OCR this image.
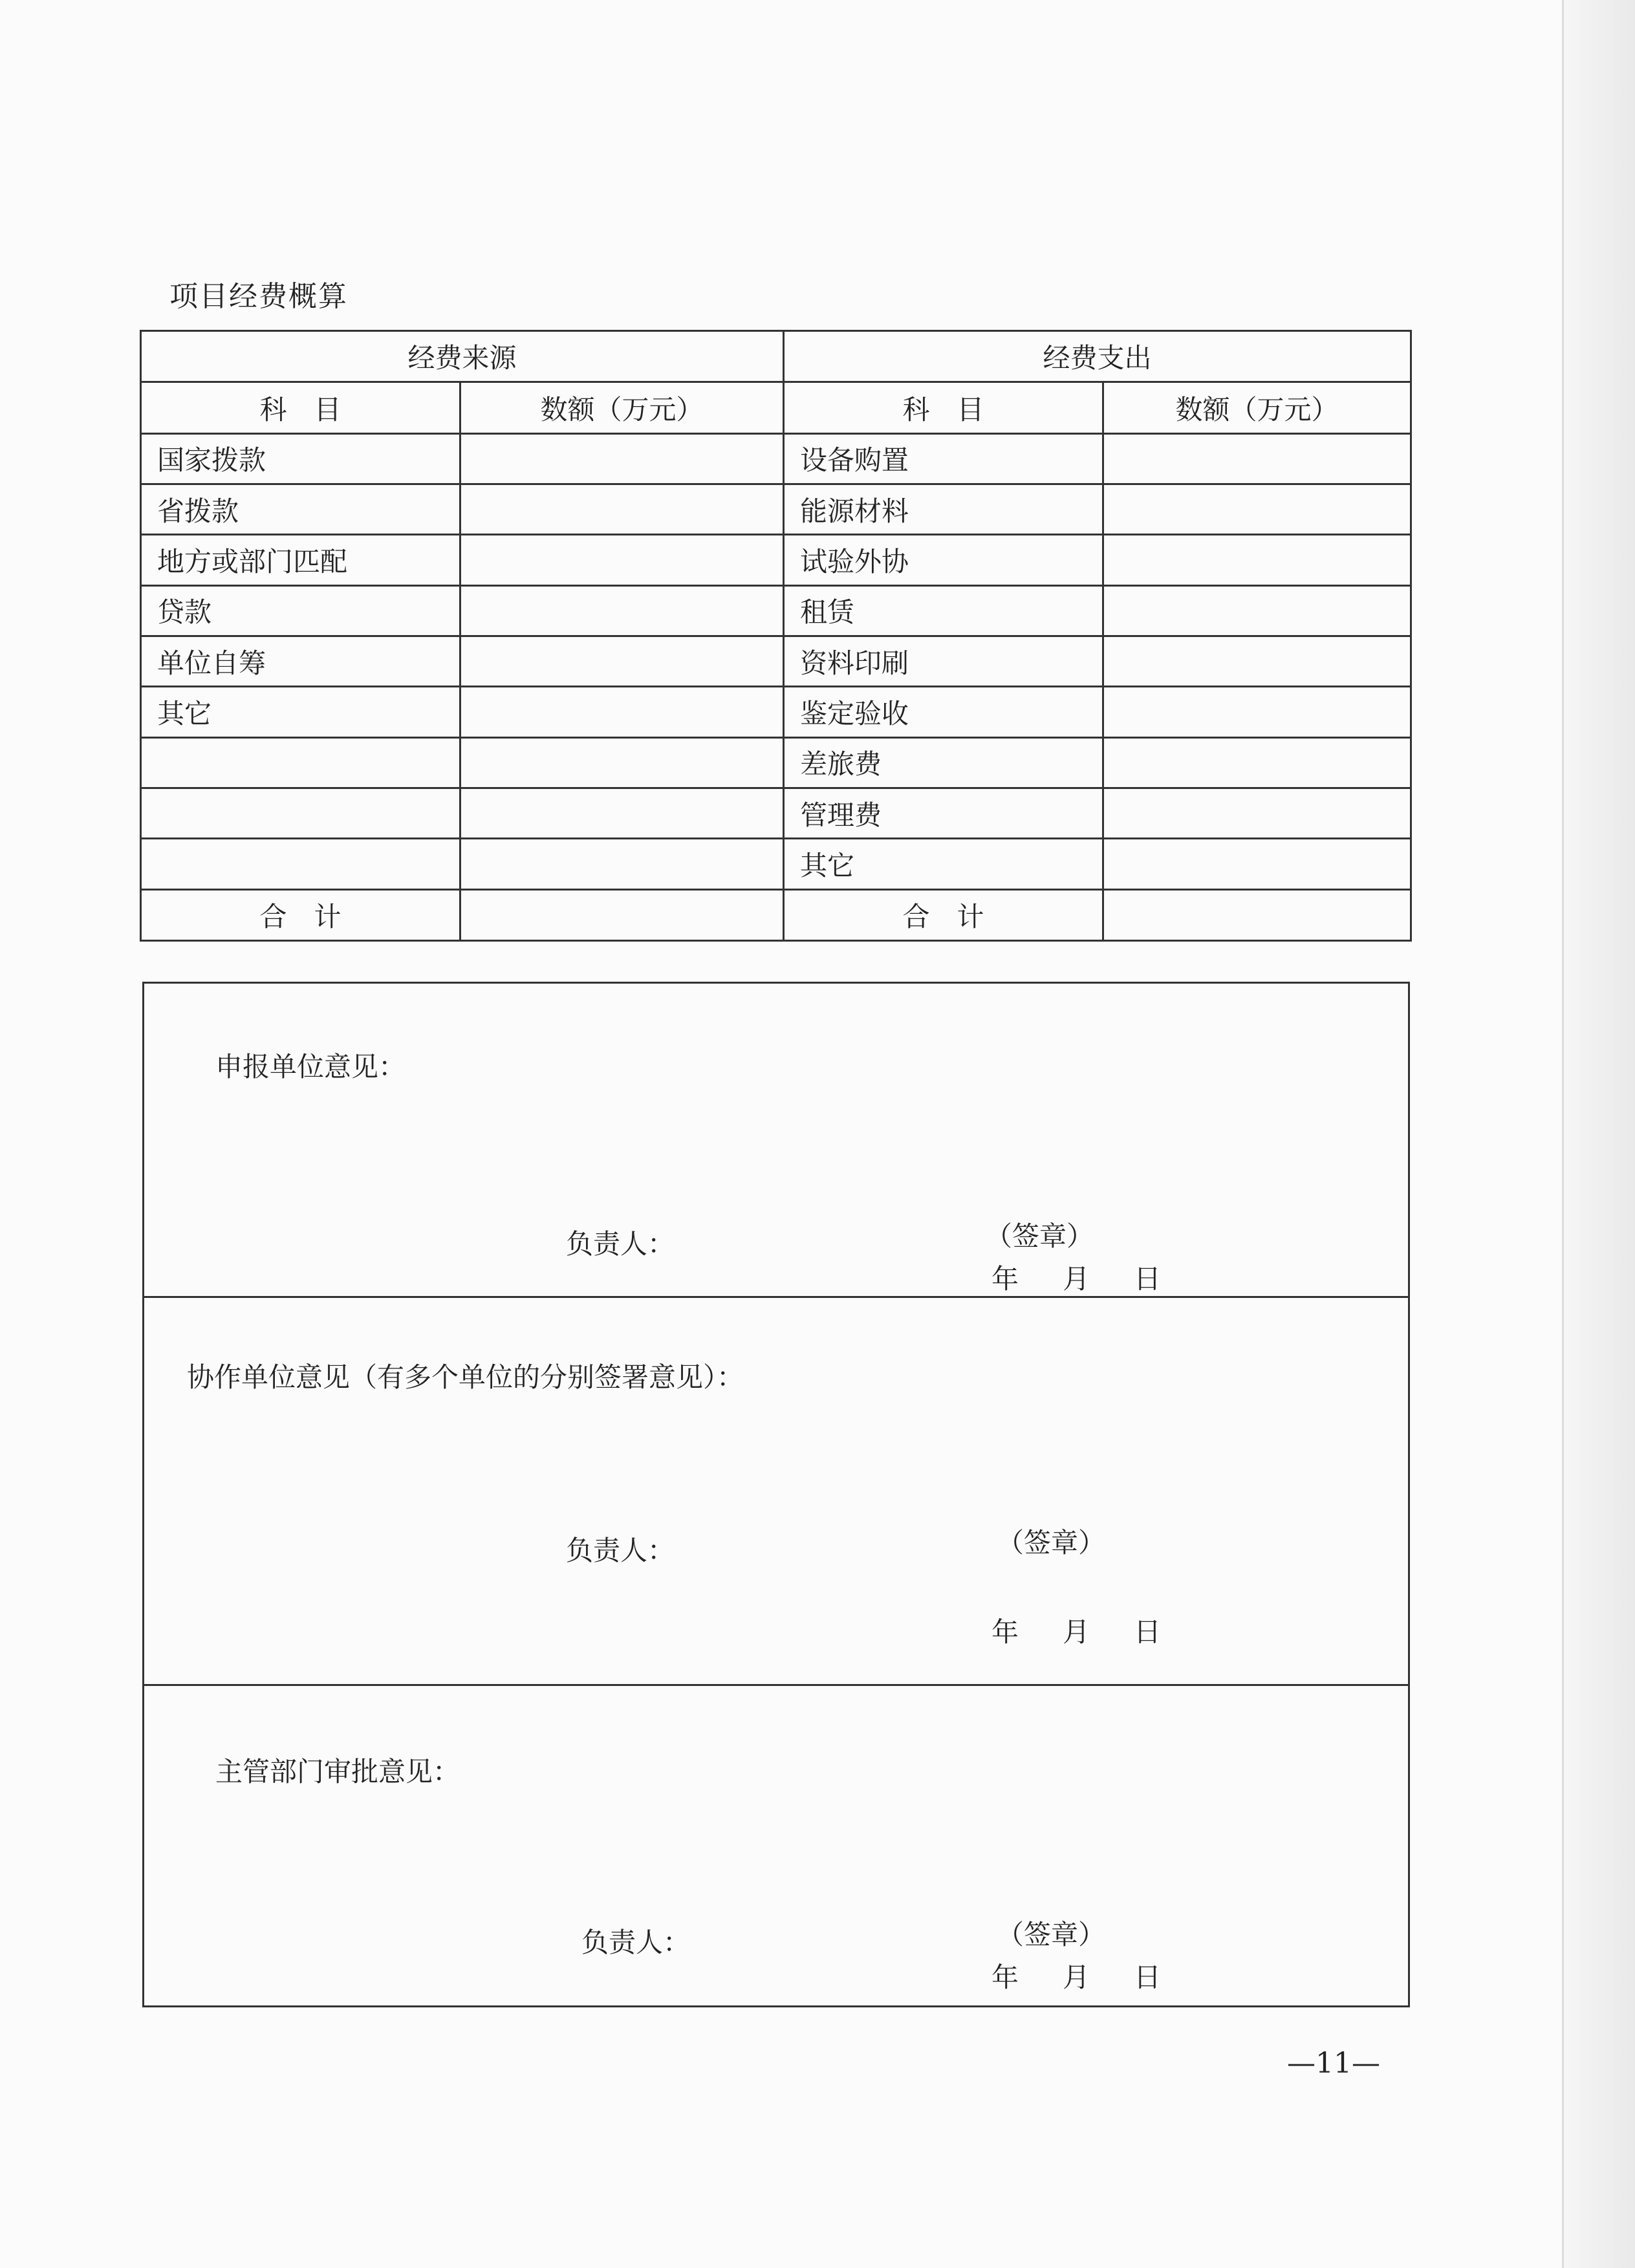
项目经费概算
经费来源		经费支出	
科　目	数额（万元）	科　目	数额（万元）
国家拨款		设备购置	
省拨款		能源材料	
地方或部门匹配		试验外协	
贷款		租赁	
单位自筹		资料印刷	
其它		鉴定验收	
		差旅费	
		管理费	
		其它	
合　计		合　计	
申报单位意见：
负责人：	（签章）
年 月 日
协作单位意见（有多个单位的分别签署意见）：
负责人：	（签章）
年 月 日
主管部门审批意见：
负责人：	（签章）
年 月 日
—11—
